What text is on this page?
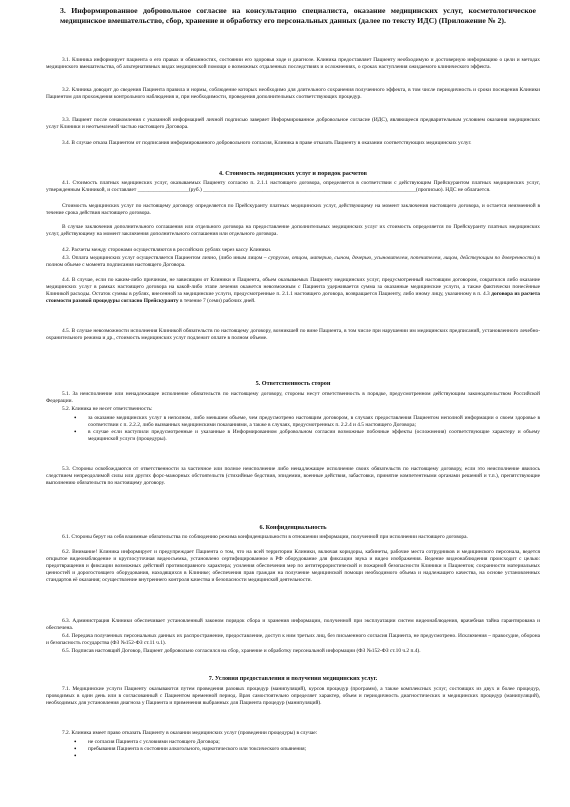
3. Информированное добровольное согласие на консультацию специалиста, оказание медицинских услуг, косметологическое медицинское вмешательство, сбор, хранение и обработку его персональных данных (далее по тексту ИДС) (Приложение № 2).
3.1. Клиника информирует пациента о его правах и обязанностях, состоянии его здоровья ходе и диагнозе. Клиника предоставляет Пациенту необходимую и достоверную информацию о цели и методах медицинского вмешательства, об альтернативных видах медицинской помощи о возможных отдаленных последствиях и осложнениях, о сроках наступления ожидаемого клинического эффекта.
3.2. Клиника доводит до сведения Пациента правила и нормы, соблюдение которых необходимо для длительного сохранения полученного эффекта, в том числе периодичность и сроки посещения Клиники Пациентом для прохождения контрольного наблюдения и, при необходимости, проведения дополнительных соответствующих процедур.
3.3. Пациент после ознакомления с указанной информацией личной подписью заверяет Информированное добровольное согласие (ИДС), являющееся предварительным условием оказания медицинских услуг Клиники и неотъемлемой частью настоящего Договора.
3.4. В случае отказа Пациентом от подписания информированного добровольного согласия, Клиника в праве отказать Пациенту в оказании соответствующих медицинских услуг.
4. Стоимость медицинских услуг и порядок расчетов
4.1. Стоимость платных медицинских услуг, оказываемых Пациенту согласно п. 2.1.1 настоящего договора, определяется в соответствии с действующим Прейскурантом платных медицинских услуг, утвержденным Клиникой, и составляет ___________________(руб.) _______________________________________________________________________________(прописью). НДС не облагается.
Стоимость медицинских услуг по настоящему договору определяется по Прейскуранту платных медицинских услуг, действующему на момент заключения настоящего договора, и остается неизменной в течение срока действия настоящего договора.
В случае заключения дополнительного соглашения или отдельного договора на предоставление дополнительных медицинских услуг их стоимость определяется по Прейскуранту платных медицинских услуг, действующему на момент заключения дополнительного соглашения или отдельного договора.
4.2. Расчеты между сторонами осуществляются в российских рублях через кассу Клиники.
4.3. Оплата медицинских услуг осуществляется Пациентом лично, (либо иным лицом – супругом, отцом, матерью, сыном, дочерью, усыновителем, попечителем, лицом, действующим по доверенности) в полном объеме с момента подписания настоящего Договора.
4.4. В случае, если по каким-либо причинам, не зависящим от Клиники и Пациента, объем оказываемых Пациенту медицинских услуг, предусмотренный настоящим договором, сократился либо оказание медицинских услуг в рамках настоящего договора на какой-либо этапе лечения окажется невозможным с Пациента удерживается сумма за оказанные медицинские услуги, а также фактически понесённые Клиникой расходы. Остаток суммы в рублях, внесенной за медицинские услуги, предусмотренные п. 2.1.1 настоящего договора, возвращается Пациенту, либо иному лицу, указанному в п. 4.3 договора из расчета стоимости разовой процедуры согласно Прейскуранту в течение 7 (семи) рабочих дней.
4.5. В случае невозможности исполнения Клиникой обязательств по настоящему договору, возникшей по вине Пациента, в том числе при нарушении им медицинских предписаний, установленного лечебно-охранительного режима и др., стоимость медицинских услуг подлежит оплате в полном объеме.
5. Ответственность сторон
5.1. За неисполнение или ненадлежащее исполнение обязательств по настоящему договору, стороны несут ответственность в порядке, предусмотренном действующим законодательством Российской Федерации.
5.2. Клиника не несет ответственность:
• за оказание медицинских услуг в неполном, либо меньшем объеме, чем предусмотрено настоящим договором, в случаях предоставления Пациентом неполной информации о своем здоровье в соответствии с п. 2.2.2, либо вызванных медицинскими показаниями, а также в случаях, предусмотренных п. 2.2.4 и 4.5 настоящего Договора;
• в случае если наступили предусмотренные и указанные в Информированном добровольном согласии возможные побочные эффекты (осложнения) соответствующие характеру и объему медицинской услуги (процедуры).
5.3. Стороны освобождаются от ответственности за частичное или полное неисполнение либо ненадлежащее исполнение своих обязательств по настоящему договору, если это неисполнение явилось следствием непреодолимой силы или других форс-мажорных обстоятельств (стихийные бедствия, эпидемии, военные действия, забастовки, принятие компетентными органами решений и т.п.), препятствующие выполнению обязательств по настоящему договору.
6. Конфиденциальность
6.1. Стороны берут на себя взаимные обязательства по соблюдению режима конфиденциальности в отношении информации, полученной при исполнении настоящего договора.
6.2. Внимание! Клиника информирует и предупреждает Пациента о том, что на всей территории Клиники, включая коридоры, кабинеты, рабочие места сотрудников и медицинского персонала, ведется открытое видеонаблюдение и круглосуточная видеосъемка, установлено сертифицированное в РФ оборудование для фиксации звука и видео изображения. Ведение видеонаблюдения происходит с целью: предотвращения и фиксации возможных действий противоправного характера; усиления обеспечения мер по антитеррористической и пожарной безопасности Клиники и Пациентов; сохранности материальных ценностей и дорогостоящего оборудования, находящихся в Клинике; обеспечения прав граждан на получение медицинской помощи необходимого объема и надлежащего качества, на основе установленных стандартов её оказания; осуществление внутреннего контроля качества и безопасности медицинской деятельности.
6.3. Администрация Клиники обеспечивает установленный законом порядок сбора и хранения информации, полученной при эксплуатации систем видеонаблюдения, врачебная тайна гарантирована и обеспечена.
6.4. Передача полученных персональных данных их распространение, предоставление, доступ к ним третьих лиц, без письменного согласия Пациента, не предусмотрено. Исключения – правосудие, оборона и безопасность государства (ФЗ №152-ФЗ ст.11 ч.1).
6.5. Подписав настоящий Договор, Пациент добровольно согласился на сбор, хранение и обработку персональной информации (ФЗ №152-ФЗ ст.10 ч.2 п.4).
7. Условия предоставления и получения медицинских услуг.
7.1. Медицинские услуги Пациенту оказываются путем проведения разовых процедур (манипуляций), курсов процедур (программ), а также комплексных услуг, состоящих из двух и более процедур, проводимых в один день или в согласованный с Пациентом временной период. Врач самостоятельно определяет характер, объем и периодичность диагностических и медицинских процедур (манипуляций), необходимых для установления диагноза у Пациента и применения выбранных для Пациента процедур (манипуляций).
7.2. Клиника имеет право отказать Пациенту в оказании медицинских услуг (проведении процедуры) в случае:
• не согласия Пациента с условиями настоящего Договора;
• пребывания Пациента в состоянии алкогольного, наркотического или токсического опьянения;
•
